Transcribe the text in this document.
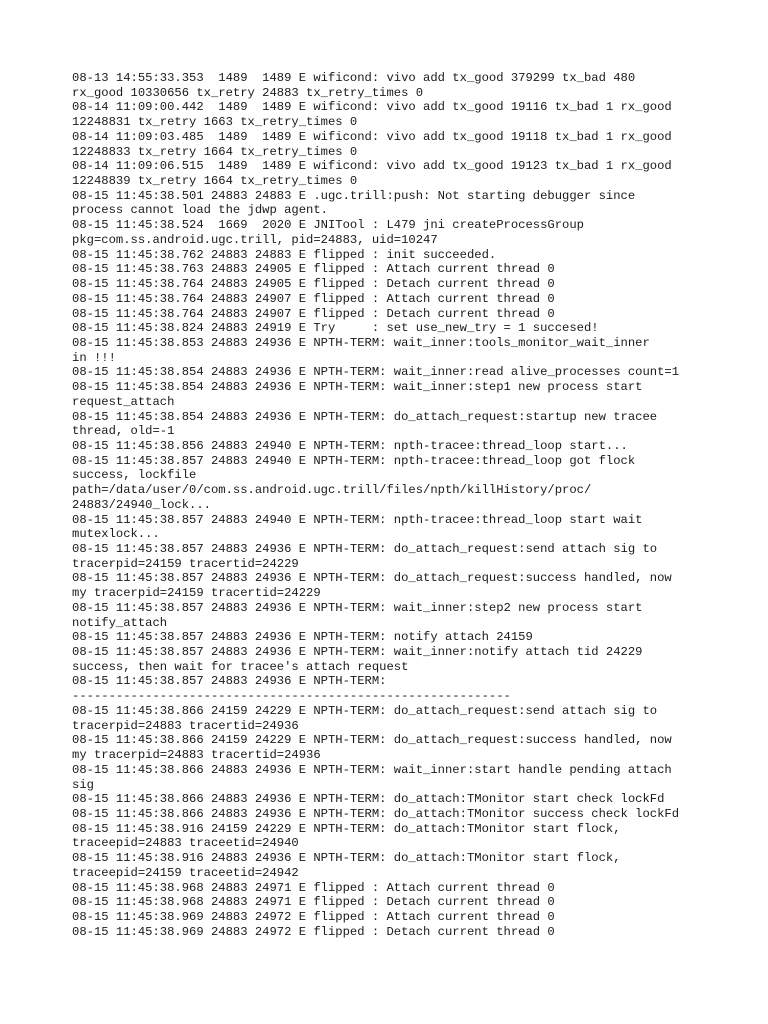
08-13 14:55:33.353  1489  1489 E wificond: vivo add tx_good 379299 tx_bad 480
rx_good 10330656 tx_retry 24883 tx_retry_times 0
08-14 11:09:00.442  1489  1489 E wificond: vivo add tx_good 19116 tx_bad 1 rx_good
12248831 tx_retry 1663 tx_retry_times 0
08-14 11:09:03.485  1489  1489 E wificond: vivo add tx_good 19118 tx_bad 1 rx_good
12248833 tx_retry 1664 tx_retry_times 0
08-14 11:09:06.515  1489  1489 E wificond: vivo add tx_good 19123 tx_bad 1 rx_good
12248839 tx_retry 1664 tx_retry_times 0
08-15 11:45:38.501 24883 24883 E .ugc.trill:push: Not starting debugger since
process cannot load the jdwp agent.
08-15 11:45:38.524  1669  2020 E JNITool : L479 jni createProcessGroup
pkg=com.ss.android.ugc.trill, pid=24883, uid=10247
08-15 11:45:38.762 24883 24883 E flipped : init succeeded.
08-15 11:45:38.763 24883 24905 E flipped : Attach current thread 0
08-15 11:45:38.764 24883 24905 E flipped : Detach current thread 0
08-15 11:45:38.764 24883 24907 E flipped : Attach current thread 0
08-15 11:45:38.764 24883 24907 E flipped : Detach current thread 0
08-15 11:45:38.824 24883 24919 E Try     : set use_new_try = 1 succesed!
08-15 11:45:38.853 24883 24936 E NPTH-TERM: wait_inner:tools_monitor_wait_inner
in !!!
08-15 11:45:38.854 24883 24936 E NPTH-TERM: wait_inner:read alive_processes count=1
08-15 11:45:38.854 24883 24936 E NPTH-TERM: wait_inner:step1 new process start
request_attach
08-15 11:45:38.854 24883 24936 E NPTH-TERM: do_attach_request:startup new tracee
thread, old=-1
08-15 11:45:38.856 24883 24940 E NPTH-TERM: npth-tracee:thread_loop start...
08-15 11:45:38.857 24883 24940 E NPTH-TERM: npth-tracee:thread_loop got flock
success, lockfile
path=/data/user/0/com.ss.android.ugc.trill/files/npth/killHistory/proc/
24883/24940_lock...
08-15 11:45:38.857 24883 24940 E NPTH-TERM: npth-tracee:thread_loop start wait
mutexlock...
08-15 11:45:38.857 24883 24936 E NPTH-TERM: do_attach_request:send attach sig to
tracerpid=24159 tracertid=24229
08-15 11:45:38.857 24883 24936 E NPTH-TERM: do_attach_request:success handled, now
my tracerpid=24159 tracertid=24229
08-15 11:45:38.857 24883 24936 E NPTH-TERM: wait_inner:step2 new process start
notify_attach
08-15 11:45:38.857 24883 24936 E NPTH-TERM: notify attach 24159
08-15 11:45:38.857 24883 24936 E NPTH-TERM: wait_inner:notify attach tid 24229
success, then wait for tracee's attach request
08-15 11:45:38.857 24883 24936 E NPTH-TERM:
------------------------------------------------------------
08-15 11:45:38.866 24159 24229 E NPTH-TERM: do_attach_request:send attach sig to
tracerpid=24883 tracertid=24936
08-15 11:45:38.866 24159 24229 E NPTH-TERM: do_attach_request:success handled, now
my tracerpid=24883 tracertid=24936
08-15 11:45:38.866 24883 24936 E NPTH-TERM: wait_inner:start handle pending attach
sig
08-15 11:45:38.866 24883 24936 E NPTH-TERM: do_attach:TMonitor start check lockFd
08-15 11:45:38.866 24883 24936 E NPTH-TERM: do_attach:TMonitor success check lockFd
08-15 11:45:38.916 24159 24229 E NPTH-TERM: do_attach:TMonitor start flock,
traceepid=24883 traceetid=24940
08-15 11:45:38.916 24883 24936 E NPTH-TERM: do_attach:TMonitor start flock,
traceepid=24159 traceetid=24942
08-15 11:45:38.968 24883 24971 E flipped : Attach current thread 0
08-15 11:45:38.968 24883 24971 E flipped : Detach current thread 0
08-15 11:45:38.969 24883 24972 E flipped : Attach current thread 0
08-15 11:45:38.969 24883 24972 E flipped : Detach current thread 0
